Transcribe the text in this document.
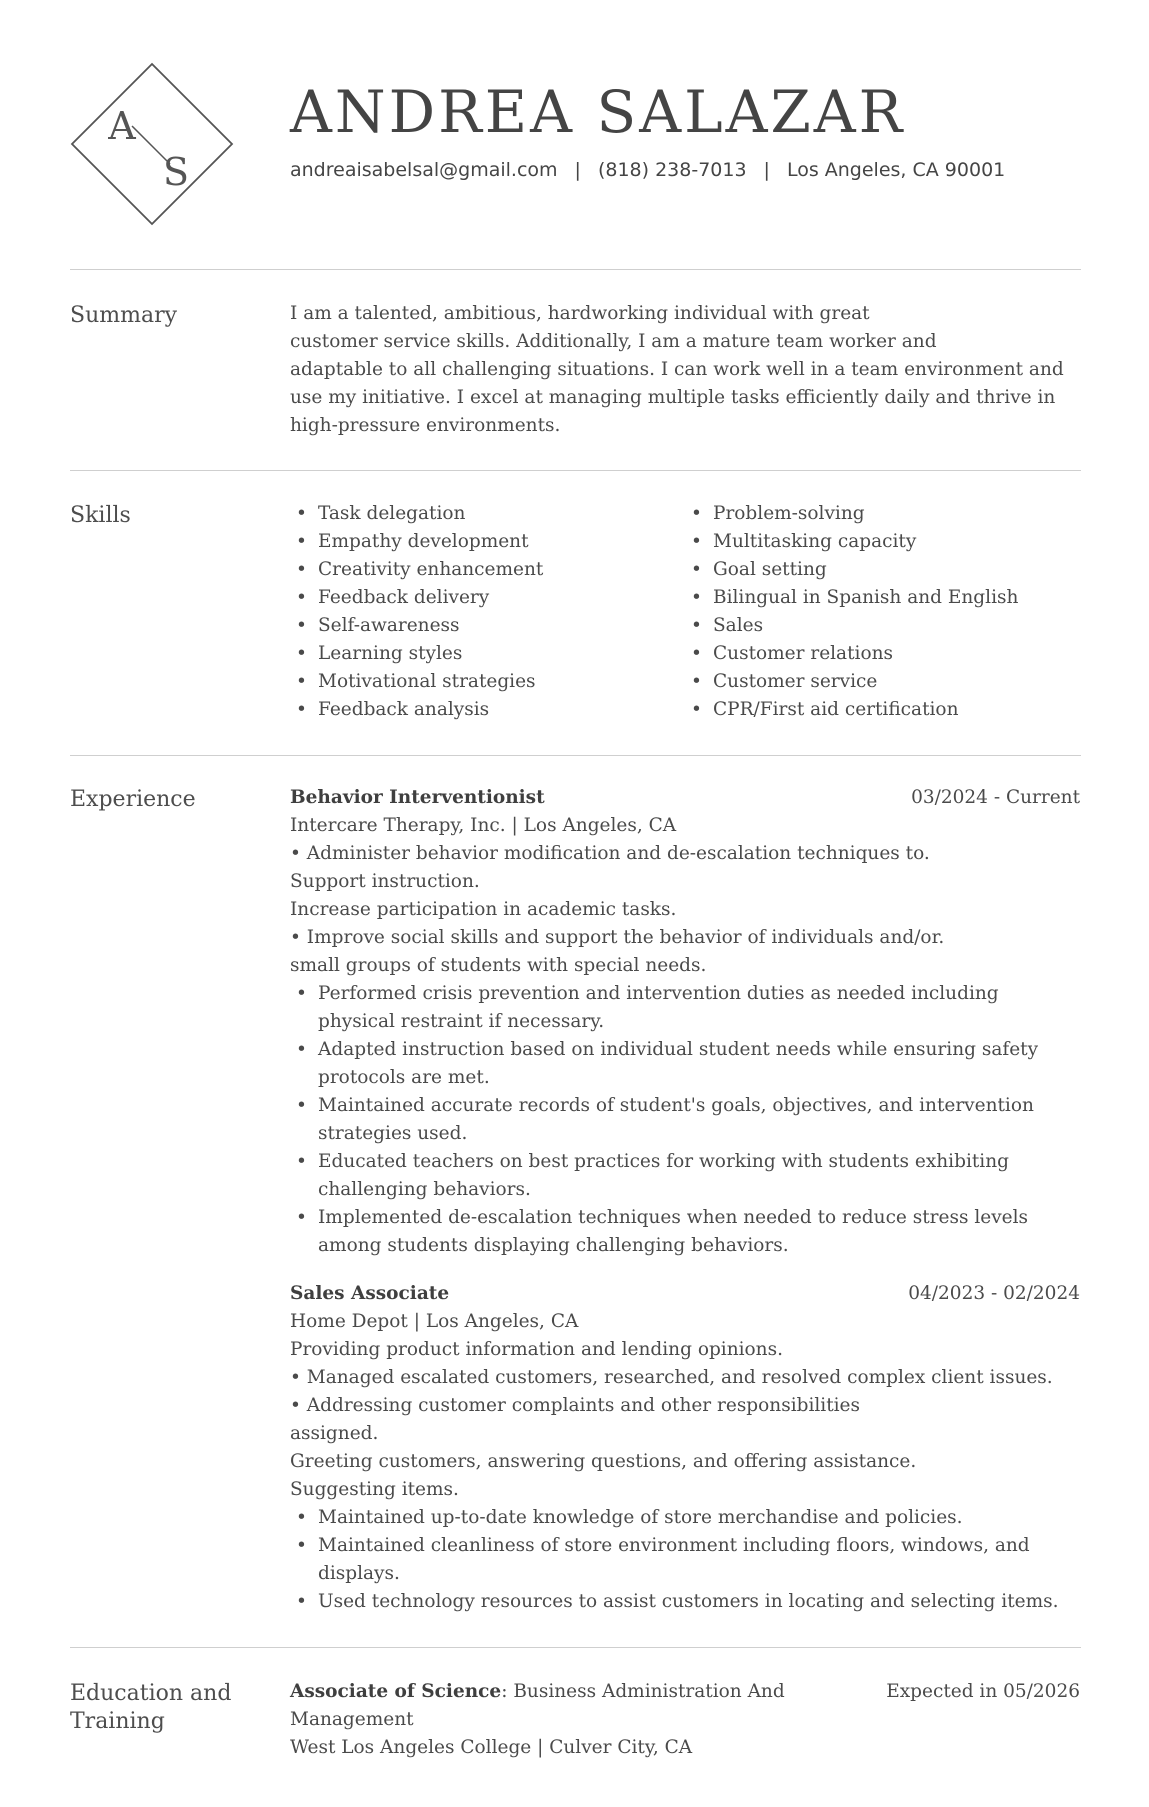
A
S
ANDREA SALAZAR
andreaisabelsal@gmail.com | (818) 238-7013 | Los Angeles, CA 90001
Summary	I am a talented, ambitious, hardworking individual with great

customer service skills. Additionally, I am a mature team worker and

adaptable to all challenging situations. I can work well in a team environment and

use my initiative. I excel at managing multiple tasks efficiently daily and thrive in

high-pressure environments.

Skills
•	Task delegation
• Empathy development
• Creativity enhancement
• Feedback delivery
• Self-awareness
• Learning styles
• Motivational strategies
• Feedback analysis
• Problem-solving
• Multitasking capacity
• Goal setting
• Bilingual in Spanish and English
• Sales
• Customer relations
• Customer service
• CPR/First aid certification
Experience	Behavior Interventionist	03/2024 - Current
Intercare Therapy, Inc. | Los Angeles, CA
• Administer behavior modification and de-escalation techniques to.
Support instruction.
Increase participation in academic tasks.
• Improve social skills and support the behavior of individuals and/or.
small groups of students with special needs.
• Performed crisis prevention and intervention duties as needed including physical restraint if necessary.
• Adapted instruction based on individual student needs while ensuring safety protocols are met.
• Maintained accurate records of student's goals, objectives, and intervention strategies used.
• Educated teachers on best practices for working with students exhibiting challenging behaviors.
• Implemented de-escalation techniques when needed to reduce stress levels among students displaying challenging behaviors.
Sales Associate	04/2023 - 02/2024
Home Depot | Los Angeles, CA
Providing product information and lending opinions.
• Managed escalated customers, researched, and resolved complex client issues.
• Addressing customer complaints and other responsibilities
assigned.
Greeting customers, answering questions, and offering assistance.
Suggesting items.
• Maintained up-to-date knowledge of store merchandise and policies.
• Maintained cleanliness of store environment including floors, windows, and displays.
• Used technology resources to assist customers in locating and selecting items.
Education and
Training
Associate of Science: Business Administration And Management
Expected in 05/2026
West Los Angeles College | Culver City, CA
